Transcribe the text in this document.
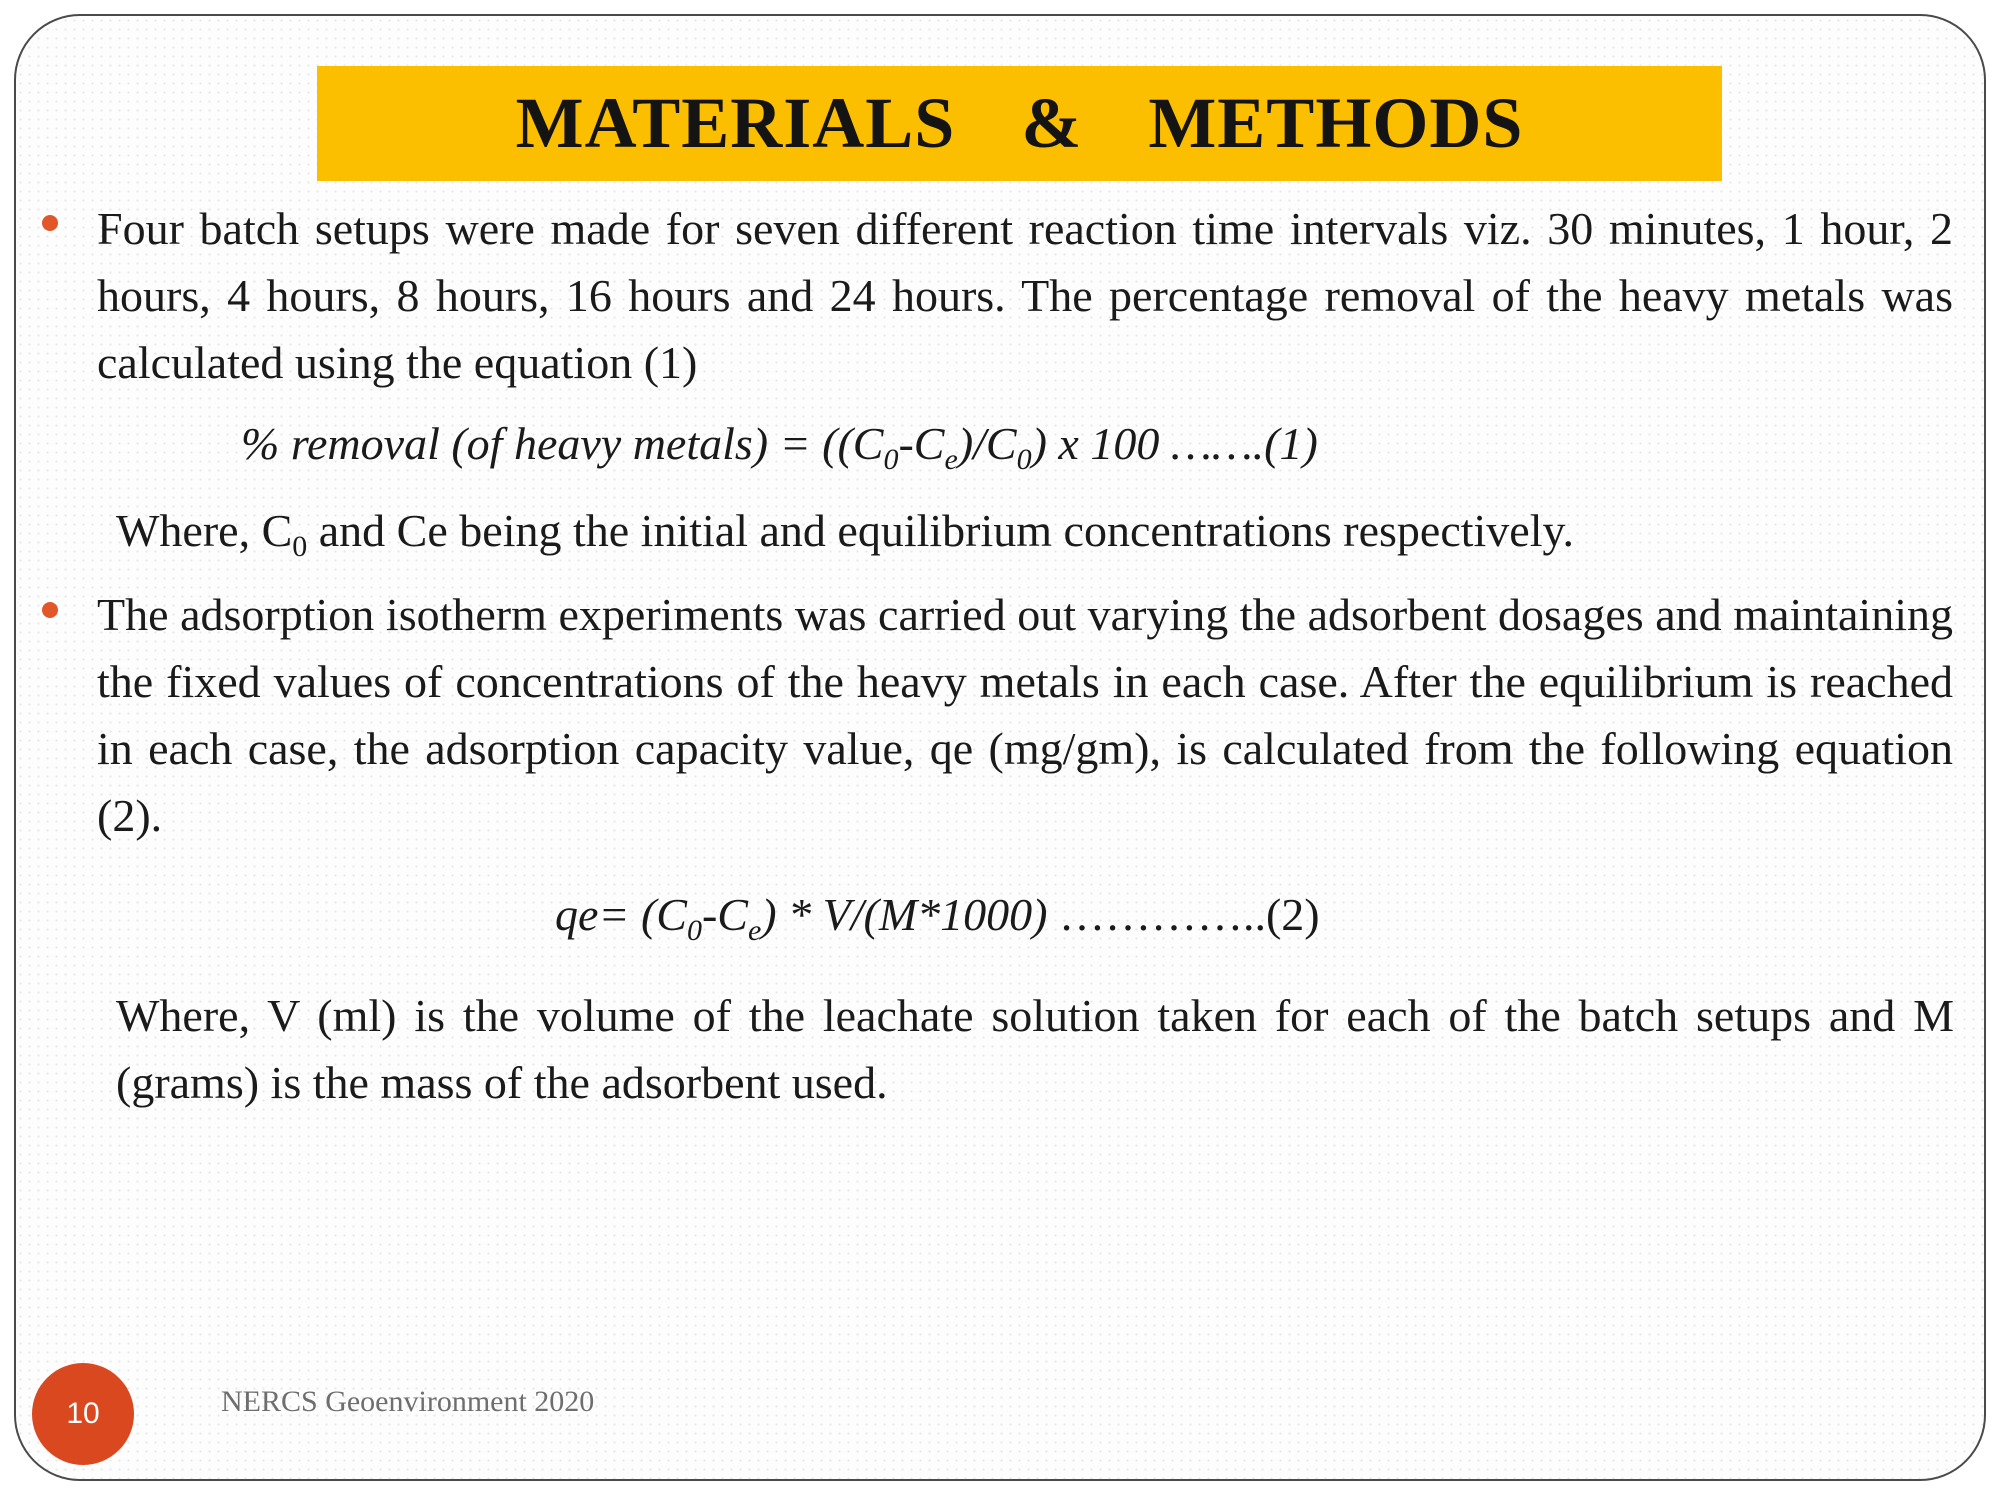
MATERIALS  &  METHODS

Four batch setups were made for seven different reaction time intervals viz. 30 minutes, 1 hour, 2 hours, 4 hours, 8 hours, 16 hours and 24 hours. The percentage removal of the heavy metals was calculated using the equation (1)

% removal (of heavy metals) = $((C_0-C_e)/C_0)$ x 100 …….(1)

Where, $C_0$ and Ce being the initial and equilibrium concentrations respectively.

The adsorption isotherm experiments was carried out varying the adsorbent dosages and maintaining the fixed values of concentrations of the heavy metals in each case. After the equilibrium is reached in each case, the adsorption capacity value, qe (mg/gm), is calculated from the following equation (2).

$qe= (C_0-C_e) * V/(M*1000)$ …………..(2)

Where, V (ml) is the volume of the leachate solution taken for each of the batch setups and M (grams) is the mass of the adsorbent used.

10	NERCS Geoenvironment 2020
